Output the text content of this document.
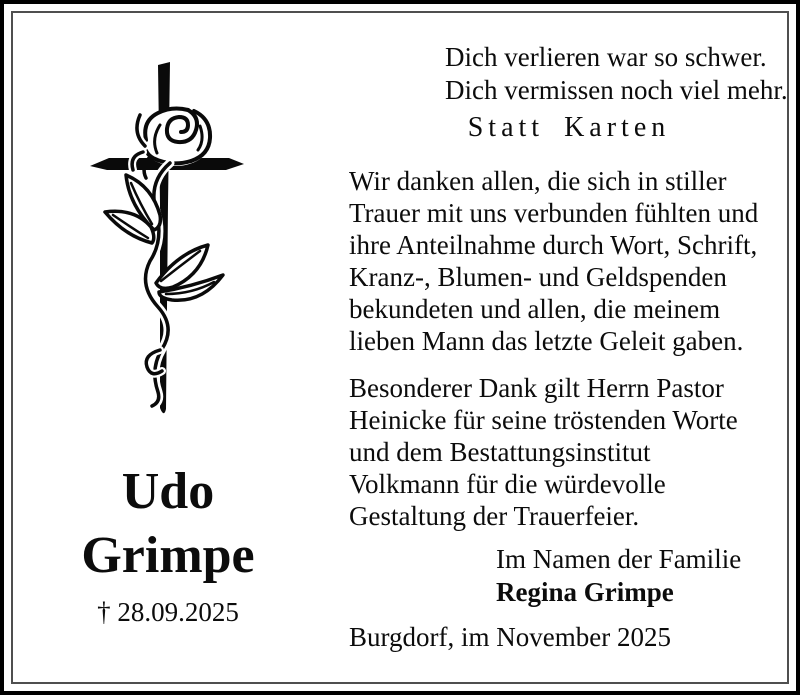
Udo
Grimpe
† 28.09.2025
Dich verlieren war so schwer.
Dich vermissen noch viel mehr.
Statt Karten
Wir danken allen, die sich in stiller
Trauer mit uns verbunden fühlten und
ihre Anteilnahme durch Wort, Schrift,
Kranz-, Blumen- und Geldspenden
bekundeten und allen, die meinem
lieben Mann das letzte Geleit gaben.
Besonderer Dank gilt Herrn Pastor
Heinicke für seine tröstenden Worte
und dem Bestattungsinstitut
Volkmann für die würdevolle
Gestaltung der Trauerfeier.
Im Namen der Familie
Regina Grimpe
Burgdorf, im November 2025
